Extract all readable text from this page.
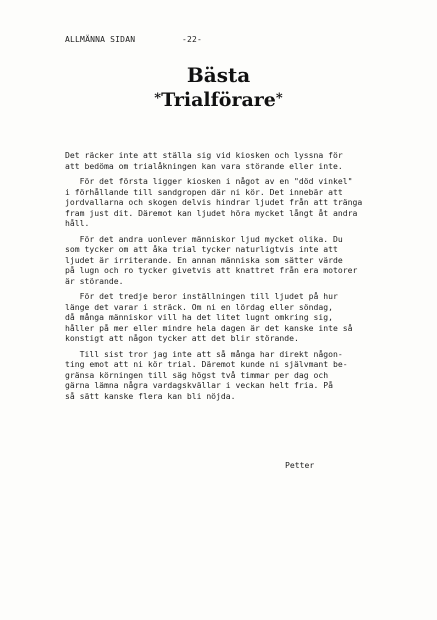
ALLMÄNNA SIDAN	-22-
Bästa
*Trialförare*

Det räcker inte att ställa sig vid kiosken och lyssna för
att bedöma om trialåkningen kan vara störande eller inte.

För det första ligger kiosken i något av en "död vinkel"
i förhållande till sandgropen där ni kör. Det innebär att
jordvallarna och skogen delvis hindrar ljudet från att tränga
fram just dit. Däremot kan ljudet höra mycket långt åt andra
håll.

För det andra uonlever människor ljud mycket olika. Du
som tycker om att åka trial tycker naturligtvis inte att
ljudet är irriterande. En annan människa som sätter värde
på lugn och ro tycker givetvis att knattret från era motorer
är störande.

För det tredje beror inställningen till ljudet på hur
länge det varar i sträck. Om ni en lördag eller söndag,
då många människor vill ha det litet lugnt omkring sig,
håller på mer eller mindre hela dagen är det kanske inte så
konstigt att någon tycker att det blir störande.

Till sist tror jag inte att så många har direkt någon-
ting emot att ni kör trial. Däremot kunde ni självmant be-
gränsa körningen till säg högst två timmar per dag och
gärna lämna några vardagskvällar i veckan helt fria. På
så sätt kanske flera kan bli nöjda.

Petter
